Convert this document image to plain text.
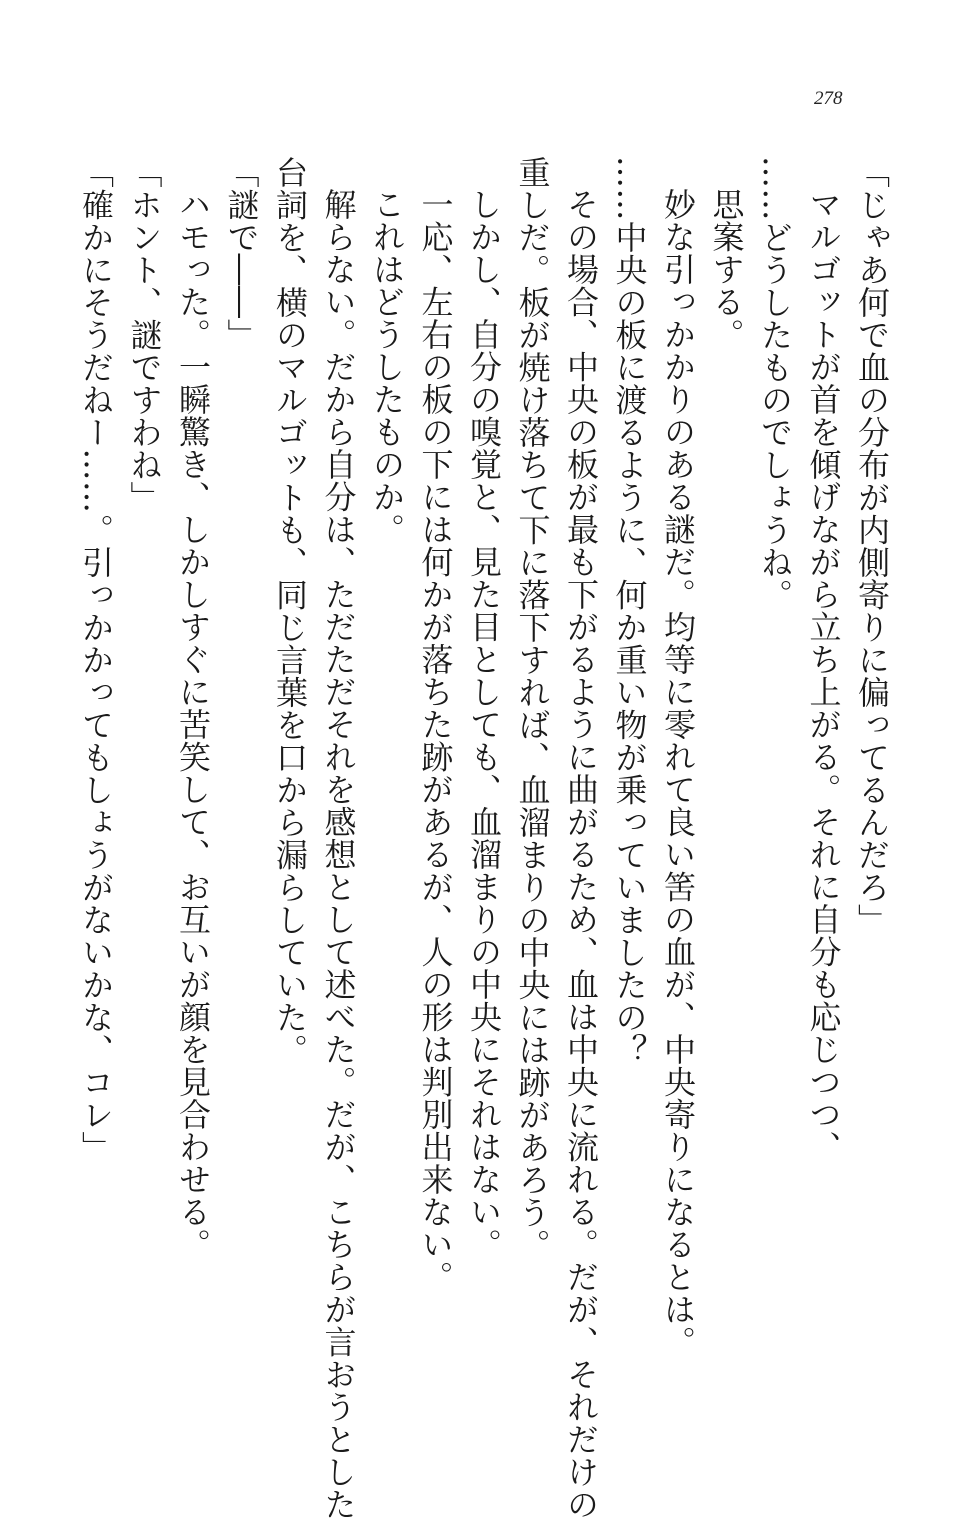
278
「じゃあ何で血の分布が内側寄りに偏ってるんだろ」
マルゴットが首を傾げながら立ち上がる。それに自分も応じつつ、
……どうしたものでしょうね。
思案する。
妙な引っかかりのある謎だ。均等に零れて良い筈の血が、中央寄りになるとは。
……中央の板に渡るように、何か重い物が乗っていましたの？
その場合、中央の板が最も下がるように曲がるため、血は中央に流れる。だが、それだけの
重しだ。板が焼け落ちて下に落下すれば、血溜まりの中央には跡があろう。
しかし、自分の嗅覚と、見た目としても、血溜まりの中央にそれはない。
一応、左右の板の下には何かが落ちた跡があるが、人の形は判別出来ない。
これはどうしたものか。
解らない。だから自分は、ただただそれを感想として述べた。だが、こちらが言おうとした
台詞を、横のマルゴットも、同じ言葉を口から漏らしていた。
「謎で――」
ハモった。一瞬驚き、しかしすぐに苦笑して、お互いが顔を見合わせる。
「ホント、謎ですわね」
「確かにそうだねー……。引っかかってもしょうがないかな、コレ」
